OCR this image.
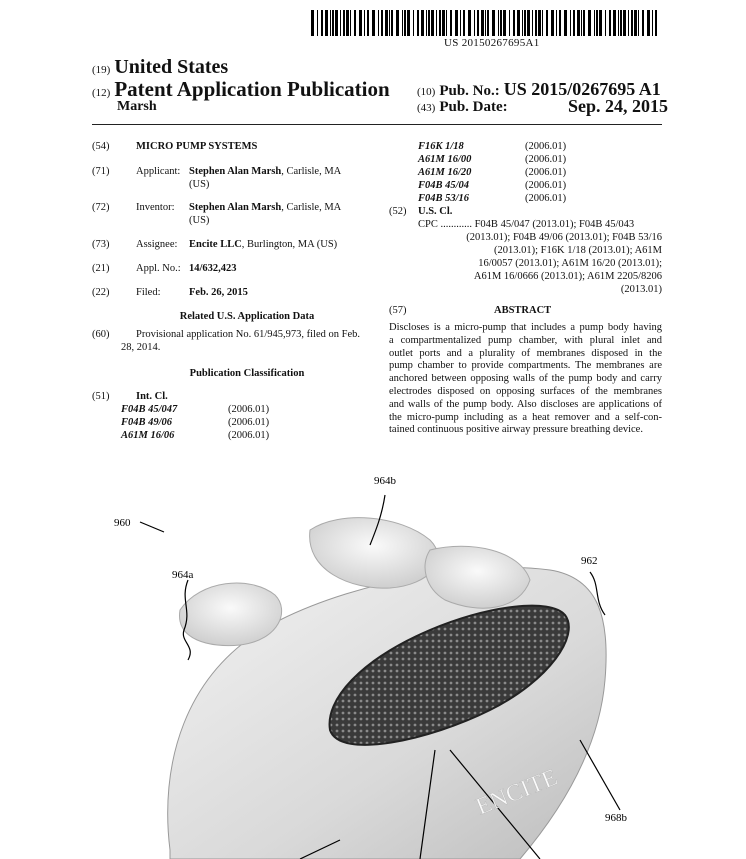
US 20150267695A1
(19) United States
(12) Patent Application Publication
Marsh
(10) Pub. No.: US 2015/0267695 A1
(43) Pub. Date:	Sep. 24, 2015
(54)	MICRO PUMP SYSTEMS
(71)	Applicant: Stephen Alan Marsh, Carlisle, MA
(US)
(72)	Inventor: Stephen Alan Marsh, Carlisle, MA
(US)
(73)	Assignee: Encite LLC, Burlington, MA (US)
(21)	Appl. No.: 14/632,423
(22)	Filed:	Feb. 26, 2015
Related U.S. Application Data
(60)	Provisional application No. 61/945,973, filed on Feb.
28, 2014.
Publication Classification
(51)	Int. Cl.
F04B 45/047	(2006.01)
F04B 49/06	(2006.01)
A61M 16/06	(2006.01)
F16K 1/18	(2006.01)
A61M 16/00	(2006.01)
A61M 16/20	(2006.01)
F04B 45/04	(2006.01)
F04B 53/16	(2006.01)
(52) U.S. Cl.
CPC ............ F04B 45/047 (2013.01); F04B 45/043
(2013.01); F04B 49/06 (2013.01); F04B 53/16
(2013.01); F16K 1/18 (2013.01); A61M
16/0057 (2013.01); A61M 16/20 (2013.01);
A61M 16/0666 (2013.01); A61M 2205/8206
(2013.01)
(57)	ABSTRACT
Discloses is a micro-pump that includes a pump body having
a compartmentalized pump chamber, with plural inlet and
outlet ports and a plurality of membranes disposed in the
pump chamber to provide compartments. The membranes are
anchored between opposing walls of the pump body and carry
electrodes disposed on opposing surfaces of the membranes
and walls of the pump body. Also discloses are applications of
the micro-pump including as a heat remover and a self-con-
tained continuous positive airway pressure breathing device.
960
964a
964b
962
968b
ENCITE
